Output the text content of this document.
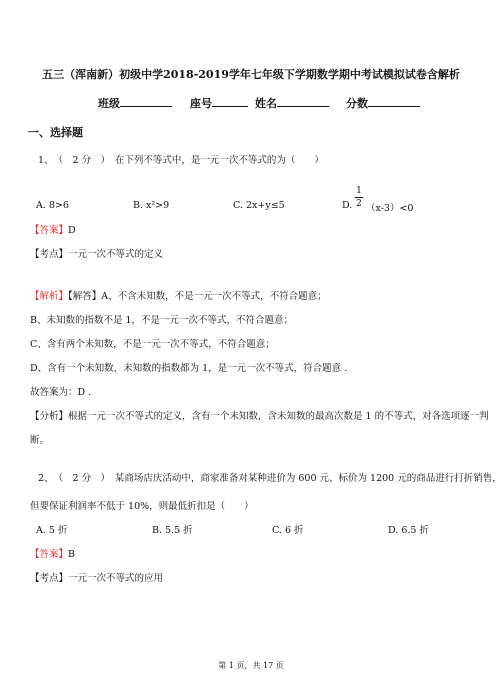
五三（浑南新）初级中学2018-2019学年七年级下学期数学期中考试模拟试卷含解析
班级	座号	姓名	分数
一、选择题
1、　（　2 分　）　在下列不等式中，是一元一次不等式的为（　　）
A. 8>6	B. x²>9	C. 2x+y≤5	D.
1
2 （x-3）<0
【答案】D
【考点】一元一次不等式的定义
【解析】【解答】A、不含未知数，不是一元一次不等式，不符合题意；
B、未知数的指数不是 1，不是一元一次不等式，不符合题意；
C、含有两个未知数，不是一元一次不等式，不符合题意；
D、含有一个未知数，未知数的指数都为 1，是一元一次不等式，符合题意 .
故答案为：D .
【分析】根据一元一次不等式的定义，含有一个未知数，含未知数的最高次数是 1 的不等式，对各选项逐一判
断。
2、　（　2 分　）　某商场店庆活动中，商家准备对某种进价为 600 元、标价为 1200 元的商品进行打折销售，
但要保证利润率不低于 10%，则最低折扣是（　　）
A. 5 折	B. 5.5 折	C. 6 折	D. 6.5 折
【答案】B
【考点】一元一次不等式的应用
第 1 页，共 17 页
